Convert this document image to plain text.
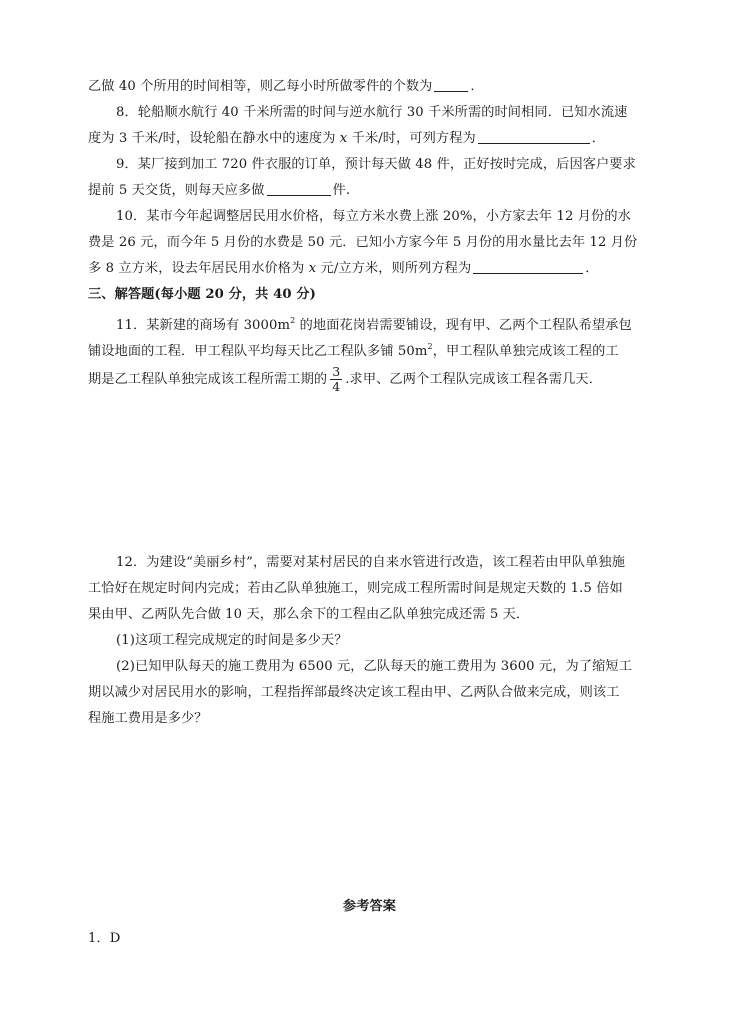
乙做 40 个所用的时间相等，则乙每小时所做零件的个数为	．
8．轮船顺水航行 40 千米所需的时间与逆水航行 30 千米所需的时间相同．已知水流速
度为 3 千米/时，设轮船在静水中的速度为 x 千米/时，可列方程为	．
9．某厂接到加工 720 件衣服的订单，预计每天做 48 件，正好按时完成，后因客户要求
提前 5 天交货，则每天应多做	件.
10．某市今年起调整居民用水价格，每立方米水费上涨 20%，小方家去年 12 月份的水
费是 26 元，而今年 5 月份的水费是 50 元．已知小方家今年 5 月份的用水量比去年 12 月份
多 8 立方米，设去年居民用水价格为 x 元/立方米，则所列方程为	．
三、解答题(每小题 20 分，共 40 分)
11．某新建的商场有 $3000m^2$ 的地面花岗岩需要铺设，现有甲、乙两个工程队希望承包
铺设地面的工程．甲工程队平均每天比乙工程队多铺 $50m^2$，甲工程队单独完成该工程的工
期是乙工程队单独完成该工程所需工期的 $\frac{3}{4}$ .求甲、乙两个工程队完成该工程各需几天．
12．为建设“美丽乡村”，需要对某村居民的自来水管进行改造，该工程若由甲队单独施
工恰好在规定时间内完成；若由乙队单独施工，则完成工程所需时间是规定天数的 1.5 倍如
果由甲、乙两队先合做 10 天，那么余下的工程由乙队单独完成还需 5 天．
(1)这项工程完成规定的时间是多少天？
(2)已知甲队每天的施工费用为 6500 元，乙队每天的施工费用为 3600 元，为了缩短工
期以减少对居民用水的影响，工程指挥部最终决定该工程由甲、乙两队合做来完成，则该工
程施工费用是多少？
参考答案
1．D
